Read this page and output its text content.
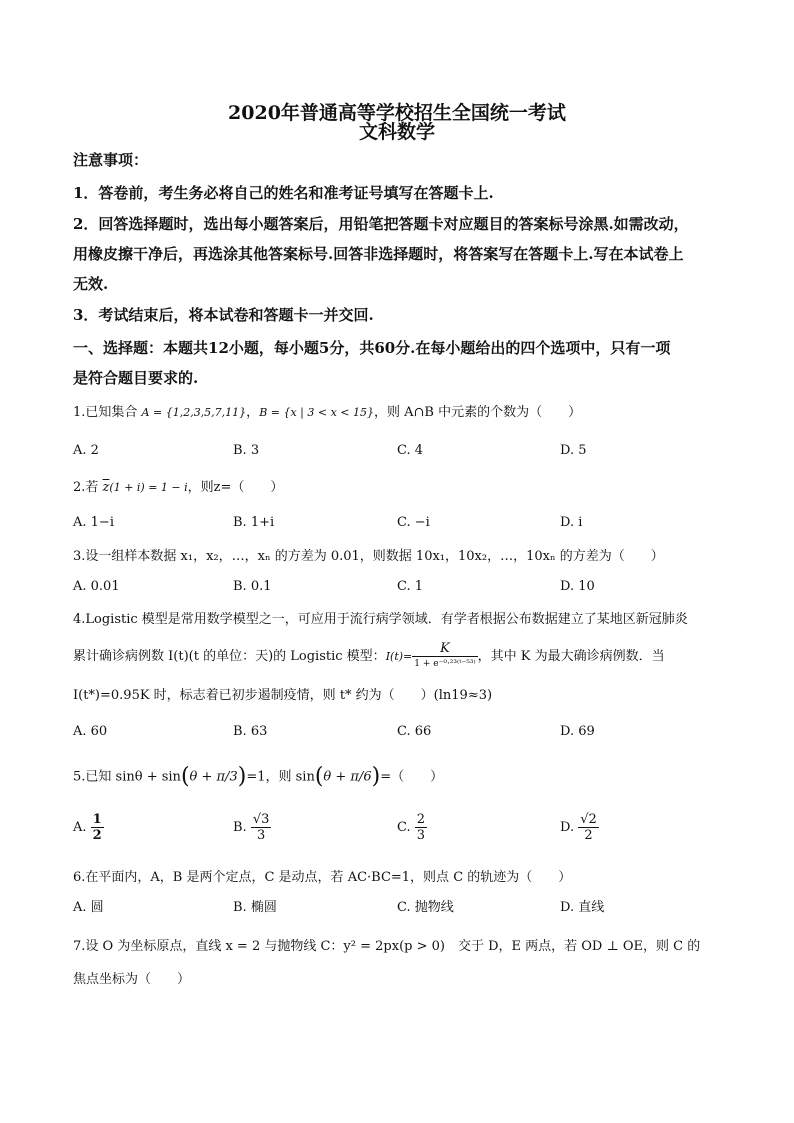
2020年普通高等学校招生全国统一考试
文科数学
注意事项：
1．答卷前，考生务必将自己的姓名和准考证号填写在答题卡上.
2．回答选择题时，选出每小题答案后，用铅笔把答题卡对应题目的答案标号涂黑.如需改动，
用橡皮擦干净后，再选涂其他答案标号.回答非选择题时，将答案写在答题卡上.写在本试卷上
无效.
3．考试结束后，将本试卷和答题卡一并交回.
一、选择题：本题共12小题，每小题5分，共60分.在每小题给出的四个选项中，只有一项
是符合题目要求的.
1.已知集合 A = {1,2,3,5,7,11}，B = {x | 3 < x < 15}，则 A∩B 中元素的个数为（　　）
A. 2	B. 3	C. 4	D. 5
2.若 $\overline{z}(1 + i) = 1 - i$，则z=（　　）
A. 1−i	B. 1+i	C. −i	D. i
3.设一组样本数据 x₁，x₂，…，xₙ 的方差为 0.01，则数据 10x₁，10x₂，…，10xₙ 的方差为（　　）
A. 0.01	B. 0.1	C. 1	D. 10
4.Logistic 模型是常用数学模型之一，可应用于流行病学领域．有学者根据公布数据建立了某地区新冠肺炎
累计确诊病例数 I(t)(t 的单位：天)的 Logistic 模型：$I(t)= \frac{K}{\text{1 + e⁻⁰·²³⁽ᵗ⁻⁵³⁾}}$ ，其中 K 为最大确诊病例数．当
I(t*)=0.95K 时，标志着已初步遏制疫情，则 t* 约为（　　）(ln19≈3)
A. 60	B. 63	C. 66	D. 69
5.已知 sinθ + sin(θ + π/3)=1，则 sin(θ + π/6)=（　　）
A. $\frac{1}{2}$	B. $\frac{√3}{3}$	C. $\frac{2}{3}$	D. $\frac{√2}{2}$
6.在平面内，A，B 是两个定点，C 是动点，若 AC·BC=1，则点 C 的轨迹为（　　）
A. 圆	B. 椭圆	C. 抛物线	D. 直线
7.设 O 为坐标原点，直线 x = 2 与抛物线 C：y² = 2px(p > 0)　交于 D，E 两点，若 OD ⊥ OE，则 C 的
焦点坐标为（　　）
